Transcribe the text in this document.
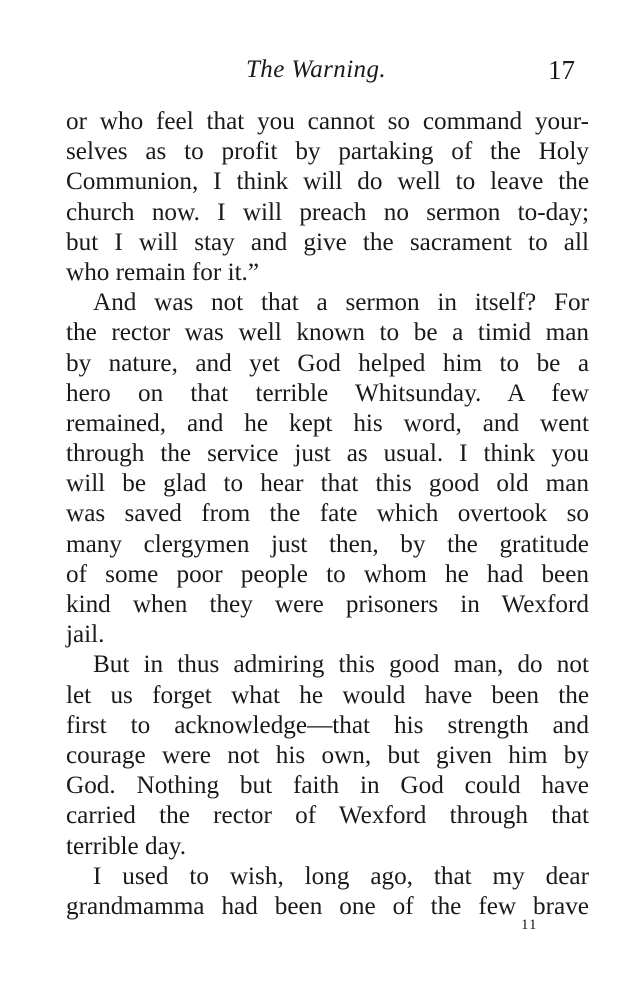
The Warning.	17
or who feel that you cannot so command your-
selves as to profit by partaking of the Holy
Communion, I think will do well to leave the
church now. I will preach no sermon to-day;
but I will stay and give the sacrament to all
who remain for it.”
And was not that a sermon in itself? For
the rector was well known to be a timid man
by nature, and yet God helped him to be a
hero on that terrible Whitsunday. A few
remained, and he kept his word, and went
through the service just as usual. I think you
will be glad to hear that this good old man
was saved from the fate which overtook so
many clergymen just then, by the gratitude
of some poor people to whom he had been
kind when they were prisoners in Wexford
jail.
But in thus admiring this good man, do not
let us forget what he would have been the
first to acknowledge—that his strength and
courage were not his own, but given him by
God. Nothing but faith in God could have
carried the rector of Wexford through that
terrible day.
I used to wish, long ago, that my dear
grandmamma had been one of the few brave
11
